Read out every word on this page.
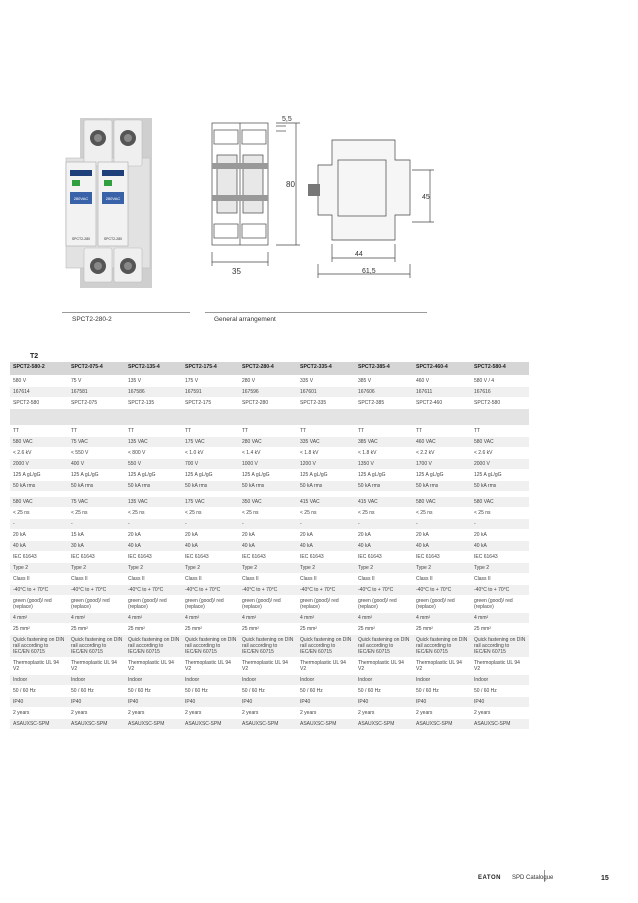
280VAC	280VAC
SPCT2-280	SPCT2-280
5,5
80
35
45
44
61,5
SPCT2-280-2	General arrangement
T2
SPCT2-580-2	SPCT2-075-4	SPCT2-135-4	SPCT2-175-4	SPCT2-280-4	SPCT2-335-4	SPCT2-385-4	SPCT2-460-4	SPCT2-580-4
580 V	75 V	135 V	175 V	280 V	335 V	385 V	460 V	580 V / 4
167614	167581	167586	167591	167596	167601	167606	167611	167616
SPCT2-580	SPCT2-075	SPCT2-135	SPCT2-175	SPCT2-280	SPCT2-335	SPCT2-385	SPCT2-460	SPCT2-580

TT	TT	TT	TT	TT	TT	TT	TT	TT
580 VAC	75 VAC	135 VAC	175 VAC	280 VAC	335 VAC	385 VAC	460 VAC	580 VAC
< 2.6 kV	< 550 V	< 800 V	< 1.0 kV	< 1.4 kV	< 1.8 kV	< 1.8 kV	< 2.2 kV	< 2.6 kV
2000 V	400 V	550 V	700 V	1000 V	1200 V	1350 V	1700 V	2000 V
125 A gL/gG	125 A gL/gG	125 A gL/gG	125 A gL/gG	125 A gL/gG	125 A gL/gG	125 A gL/gG	125 A gL/gG	125 A gL/gG
50 kA rms	50 kA rms	50 kA rms	50 kA rms	50 kA rms	50 kA rms	50 kA rms	50 kA rms	50 kA rms

580 VAC	75 VAC	135 VAC	175 VAC	350 VAC	415 VAC	415 VAC	580 VAC	580 VAC
< 25 ns	< 25 ns	< 25 ns	< 25 ns	< 25 ns	< 25 ns	< 25 ns	< 25 ns	< 25 ns
-	-	-	-	-	-	-	-	-
20 kA	15 kA	20 kA	20 kA	20 kA	20 kA	20 kA	20 kA	20 kA
40 kA	30 kA	40 kA	40 kA	40 kA	40 kA	40 kA	40 kA	40 kA
IEC 61643	IEC 61643	IEC 61643	IEC 61643	IEC 61643	IEC 61643	IEC 61643	IEC 61643	IEC 61643
Type 2	Type 2	Type 2	Type 2	Type 2	Type 2	Type 2	Type 2	Type 2
Class II	Class II	Class II	Class II	Class II	Class II	Class II	Class II	Class II
-40°C to + 70°C	-40°C to + 70°C	-40°C to + 70°C	-40°C to + 70°C	-40°C to + 70°C	-40°C to + 70°C	-40°C to + 70°C	-40°C to + 70°C	-40°C to + 70°C
green (good)/ red (replace)	green (good)/ red (replace)	green (good)/ red (replace)	green (good)/ red (replace)	green (good)/ red (replace)	green (good)/ red (replace)	green (good)/ red (replace)	green (good)/ red (replace)	green (good)/ red (replace)
4 mm²	4 mm²	4 mm²	4 mm²	4 mm²	4 mm²	4 mm²	4 mm²	4 mm²
25 mm²	25 mm²	25 mm²	25 mm²	25 mm²	25 mm²	25 mm²	25 mm²	25 mm²
Quick fastening on DIN rail according to IEC/EN 60715	Quick fastening on DIN rail according to IEC/EN 60715	Quick fastening on DIN rail according to IEC/EN 60715	Quick fastening on DIN rail according to IEC/EN 60715	Quick fastening on DIN rail according to IEC/EN 60715	Quick fastening on DIN rail according to IEC/EN 60715	Quick fastening on DIN rail according to IEC/EN 60715	Quick fastening on DIN rail according to IEC/EN 60715	Quick fastening on DIN rail according to IEC/EN 60715
Thermoplastic UL 94 V2	Thermoplastic UL 94 V2	Thermoplastic UL 94 V2	Thermoplastic UL 94 V2	Thermoplastic UL 94 V2	Thermoplastic UL 94 V2	Thermoplastic UL 94 V2	Thermoplastic UL 94 V2	Thermoplastic UL 94 V2
Indoor	Indoor	Indoor	Indoor	Indoor	Indoor	Indoor	Indoor	Indoor
50 / 60 Hz	50 / 60 Hz	50 / 60 Hz	50 / 60 Hz	50 / 60 Hz	50 / 60 Hz	50 / 60 Hz	50 / 60 Hz	50 / 60 Hz
IP40	IP40	IP40	IP40	IP40	IP40	IP40	IP40	IP40
2 years	2 years	2 years	2 years	2 years	2 years	2 years	2 years	2 years
ASAUXSC-SPM	ASAUXSC-SPM	ASAUXSC-SPM	ASAUXSC-SPM	ASAUXSC-SPM	ASAUXSC-SPM	ASAUXSC-SPM	ASAUXSC-SPM	ASAUXSC-SPM
EATON SPD Catalogue	15
